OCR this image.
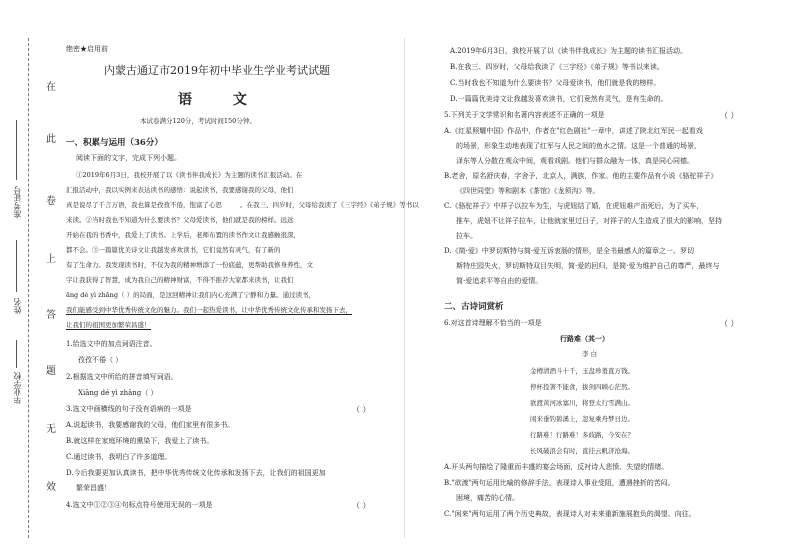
在
此
卷
上
答
题
无
效
准考证号
姓名
毕业学校
绝密★启用前
内蒙古通辽市2019年初中毕业生学业考试试题
语 文
本试卷满分120分，考试时间150分钟。
一、积累与运用（36分）
阅读下面的文字，完成下列小题。
①2019年6月3日，我校开展了以《读书伴我成长》为主题的读书汇报活动。在
汇报活动中，我以实例来表达读书的感悟：说起读书，我要感谢我的父母，他们
真是说尽了千言万语，我也算是孜孜不倦，饱富了心思	。在我三、四岁时，父母给我读了《三字经》《弟子规》等书以
来读。②当时我也不知道为什么要读书？父母爱读书，他们就是我的榜样。远远
开始在我的书香中，我爱上了读书。上学后，老师布置的读书作文让我感触很深，
都不会。③一篇篇优美诗文让我越发喜欢读书，它们竟然有灵气，有了新的
有了生命力。我发现读书时，不仅为我的精神增添了一份底蕴，更帮助我修身养性，文
字让我获得了智慧，成为我自己的精神财富，不得不推荐大家都来读书，让我们
āng dé yì zhǎng（ ）的局面，是这回精神让我们内心充满了宁静和力量。通过读书，
我们能感受到中华优秀传统文化的魅力。我们一起热爱读书，让中华优秀传统文化传承和发扬下去，
让我们的祖国更加繁荣昌盛！
1.给选文中的加点词语注音。
孜孜不倦（ ）
2.根据选文中所给的拼音填写词语。
Xiāng dé yì zhāng（ ）
3.选文中画横线的句子没有语病的一项是	（ ）
A.说起读书，我要感谢我的父母，他们家里有很多书。
B.就这样在家庭环境的熏染下，我爱上了读书。
C.通过读书，我明白了许多道理。
D.今后我要更加认真读书，把中华优秀传统文化传承和发扬下去，让我们的祖国更加
繁荣昌盛！
4.选文中①②③④句标点符号使用无误的一项是	（ ）
A.2019年6月3日，我校开展了以《读书伴我成长》为主题的读书汇报活动。
B.在我三、四岁时，父母给我读了《三字经》《弟子规》等书以来读。
C.当时我也不知道为什么要读书？父母爱读书，他们就是我的榜样。
D.一篇篇优美诗文让我越发喜欢读书，它们竟然有灵气，是有生命的。
5.下列关于文学常识和名著内容表述不正确的一项是	（ ）
A.《红星照耀中国》作品中，作者在"红色剧社"一章中，讲述了陕北红军民一起看戏
的场景，形象生动地表现了红军与人民之间的鱼水之情。这是一个普通的场景，
泽东等人分散在观众中间，观看戏剧。他们与群众融为一体，真是同心同德。
B.老舍，原名舒庆春，字舍予，北京人，满族，作家。他的主要作品有小说《骆驼祥子》
《四世同堂》等和剧本《茶馆》《龙须沟》等。
C.《骆驼祥子》中祥子以拉车为生，与虎妞结了婚，在虎妞难产而死后，为了买车，
推车，虎妞不让祥子拉车，让他就家里过日子，对祥子的人生造成了很大的影响，坚持
拉车。
D.《简·爱》中罗切斯特与简·爱互诉衷肠的情形，是全书最感人的篇章之一。罗切
斯特庄园失火，罗切斯特双目失明，简·爱的回归，是简·爱为维护自己的尊严，最终与
简·爱追求平等自由的爱情。
二、古诗词赏析
6.对这首诗理解不恰当的一项是	（ ）
行路难（其一）
李 白
金樽清酒斗十千，玉盘珍羞直万钱。
停杯投箸不能食，拔剑四顾心茫然。
欲渡黄河冰塞川，将登太行雪满山。
闲来垂钓碧溪上，忽复乘舟梦日边。
行路难！行路难！多歧路，今安在？
长风破浪会有时，直挂云帆济沧海。
A.开头两句描绘了隆重而丰盛的宴会场面，反衬诗人悲愤、失望的情绪。
B."欲渡"两句运用比喻的修辞手法，表现诗人事业受阻，遭遇挫折的苦闷。
困境，痛苦的心情。
C."闲来"两句运用了两个历史典故，表现诗人对未来重新施展抱负的渴望、向往。
